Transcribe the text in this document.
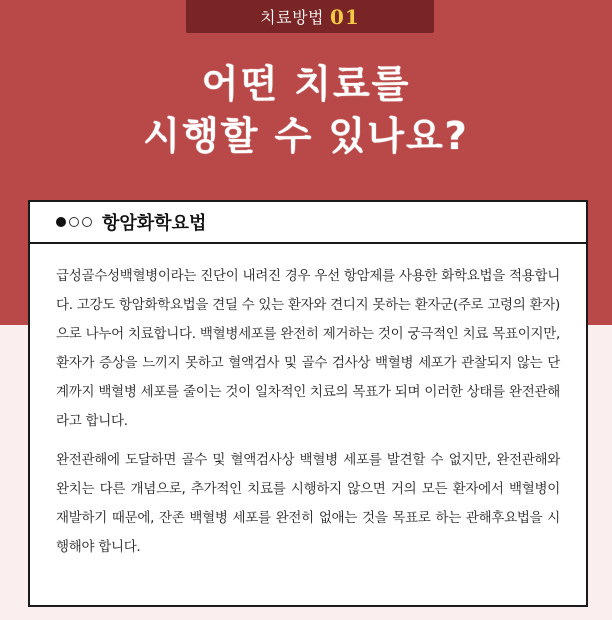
치료방법 01
어떤 치료를
시행할 수 있나요?
항암화학요법

급성골수성백혈병이라는 진단이 내려진 경우 우선 항암제를 사용한 화학요법을 적용합니다. 고강도 항암화학요법을 견딜 수 있는 환자와 견디지 못하는 환자군(주로 고령의 환자)으로 나누어 치료합니다. 백혈병세포를 완전히 제거하는 것이 궁극적인 치료 목표이지만, 환자가 증상을 느끼지 못하고 혈액검사 및 골수 검사상 백혈병 세포가 관찰되지 않는 단계까지 백혈병 세포를 줄이는 것이 일차적인 치료의 목표가 되며 이러한 상태를 완전관해라고 합니다.

완전관해에 도달하면 골수 및 혈액검사상 백혈병 세포를 발견할 수 없지만, 완전관해와 완치는 다른 개념으로, 추가적인 치료를 시행하지 않으면 거의 모든 환자에서 백혈병이 재발하기 때문에, 잔존 백혈병 세포를 완전히 없애는 것을 목표로 하는 관해후요법을 시행해야 합니다.
